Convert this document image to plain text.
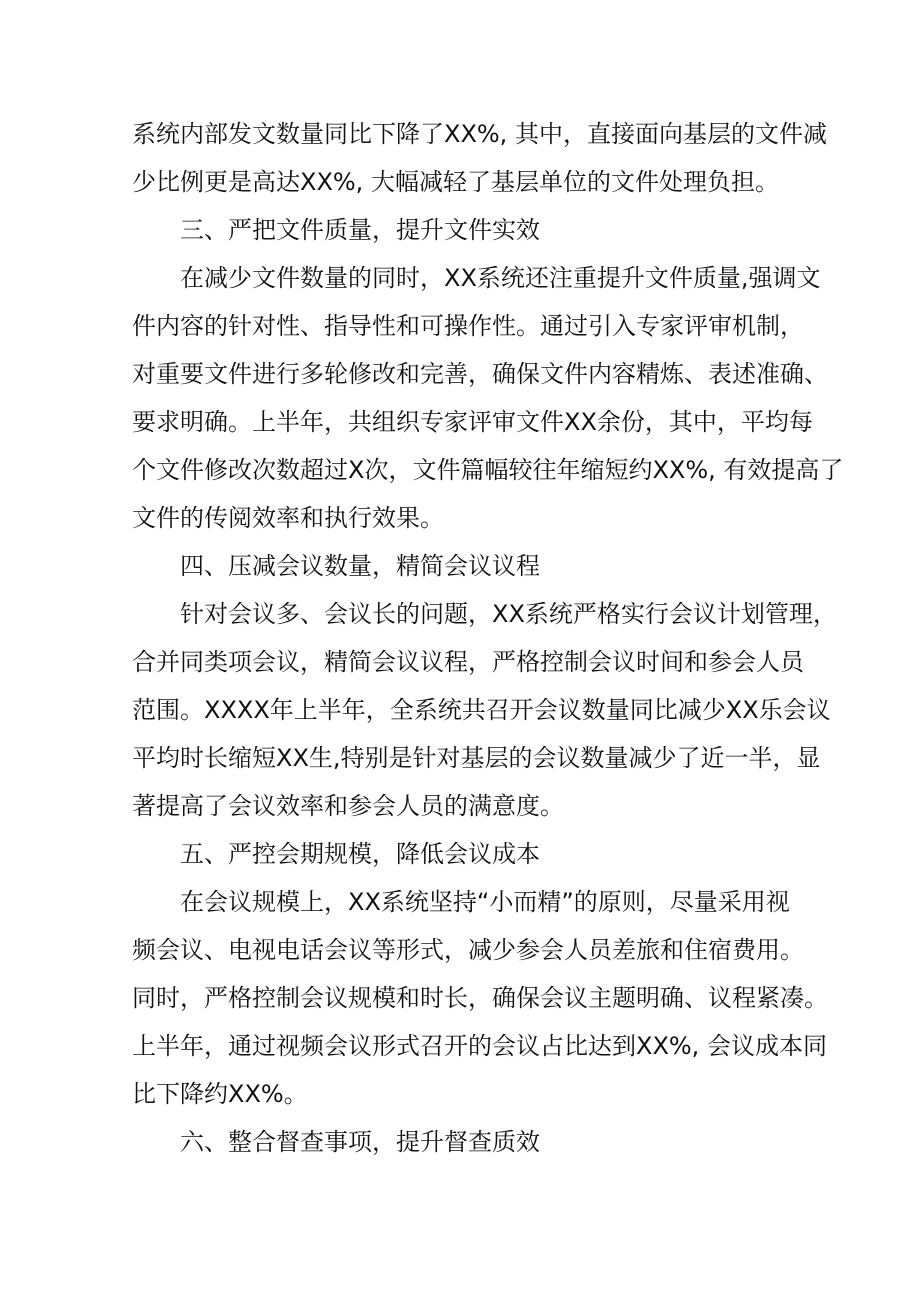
系统内部发文数量同比下降了XX%, 其中，直接面向基层的文件减
少比例更是高达XX%, 大幅减轻了基层单位的文件处理负担。
三、严把文件质量，提升文件实效
在减少文件数量的同时，XX系统还注重提升文件质量,强调文
件内容的针对性、指导性和可操作性。通过引入专家评审机制，
对重要文件进行多轮修改和完善，确保文件内容精炼、表述准确、
要求明确。上半年，共组织专家评审文件XX余份，其中，平均每
个文件修改次数超过X次，文件篇幅较往年缩短约XX%, 有效提高了
文件的传阅效率和执行效果。
四、压减会议数量，精简会议议程
针对会议多、会议长的问题，XX系统严格实行会议计划管理，
合并同类项会议，精简会议议程，严格控制会议时间和参会人员
范围。XXXX年上半年，全系统共召开会议数量同比减少XX乐会议
平均时长缩短XX生,特别是针对基层的会议数量减少了近一半，显
著提高了会议效率和参会人员的满意度。
五、严控会期规模，降低会议成本
在会议规模上，XX系统坚持“小而精”的原则，尽量采用视
频会议、电视电话会议等形式，减少参会人员差旅和住宿费用。
同时，严格控制会议规模和时长，确保会议主题明确、议程紧凑。
上半年，通过视频会议形式召开的会议占比达到XX%, 会议成本同
比下降约XX%。
六、整合督查事项，提升督查质效
